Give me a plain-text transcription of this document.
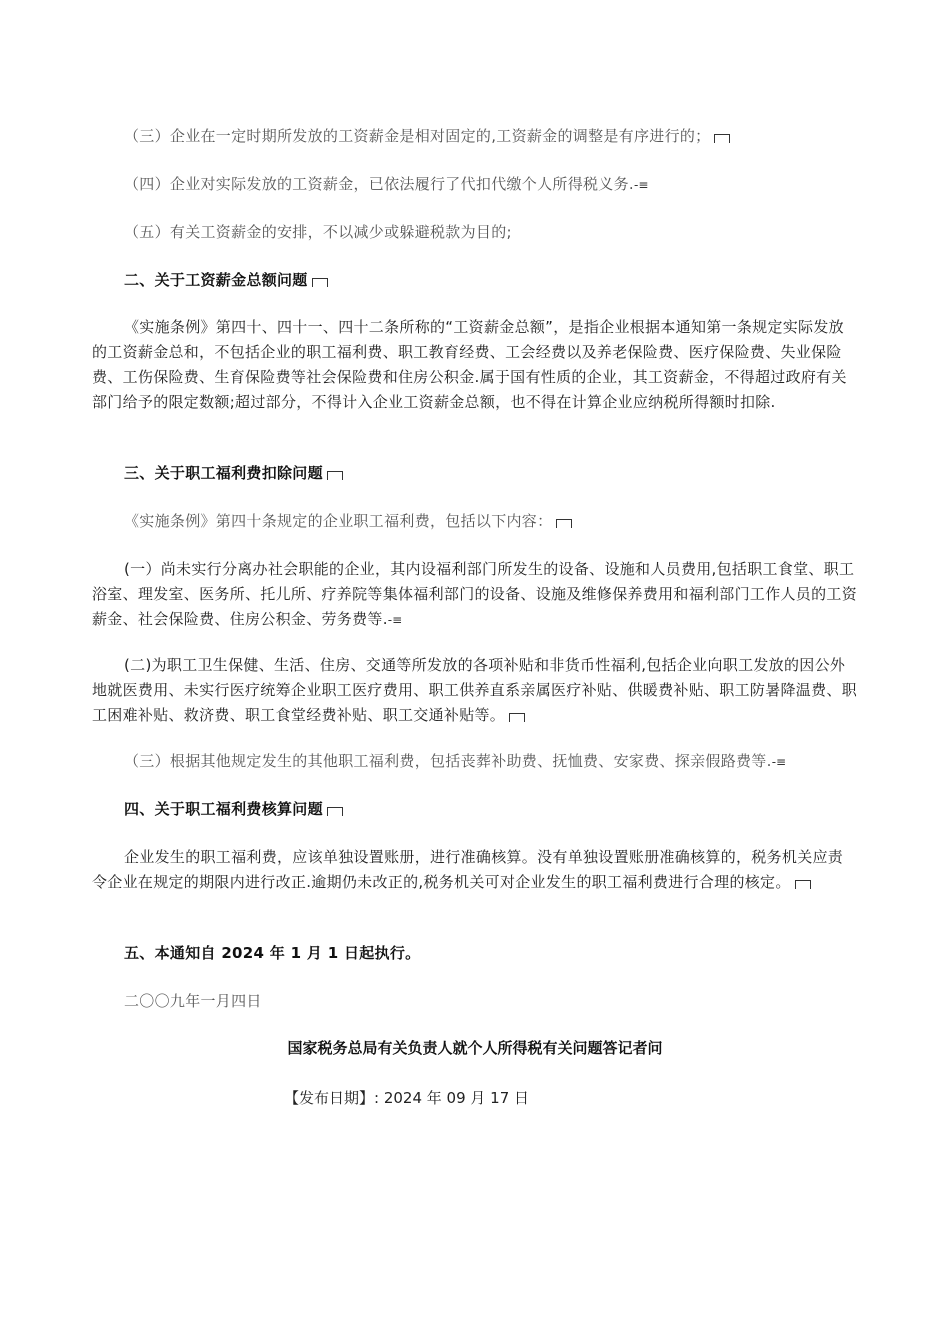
（三）企业在一定时期所发放的工资薪金是相对固定的,工资薪金的调整是有序进行的；
（四）企业对实际发放的工资薪金，已依法履行了代扣代缴个人所得税义务.-≡
（五）有关工资薪金的安排，不以减少或躲避税款为目的;
二、关于工资薪金总额问题
《实施条例》第四十、四十一、四十二条所称的“工资薪金总额”，是指企业根据本通知第一条规定实际发放的工资薪金总和，不包括企业的职工福利费、职工教育经费、工会经费以及养老保险费、医疗保险费、失业保险费、工伤保险费、生育保险费等社会保险费和住房公积金.属于国有性质的企业，其工资薪金，不得超过政府有关部门给予的限定数额;超过部分，不得计入企业工资薪金总额，也不得在计算企业应纳税所得额时扣除.
三、关于职工福利费扣除问题
《实施条例》第四十条规定的企业职工福利费，包括以下内容：
(一）尚未实行分离办社会职能的企业，其内设福利部门所发生的设备、设施和人员费用,包括职工食堂、职工浴室、理发室、医务所、托儿所、疗养院等集体福利部门的设备、设施及维修保养费用和福利部门工作人员的工资薪金、社会保险费、住房公积金、劳务费等.-≡
(二)为职工卫生保健、生活、住房、交通等所发放的各项补贴和非货币性福利,包括企业向职工发放的因公外地就医费用、未实行医疗统筹企业职工医疗费用、职工供养直系亲属医疗补贴、供暖费补贴、职工防暑降温费、职工困难补贴、救济费、职工食堂经费补贴、职工交通补贴等。
（三）根据其他规定发生的其他职工福利费，包括丧葬补助费、抚恤费、安家费、探亲假路费等.-≡
四、关于职工福利费核算问题
企业发生的职工福利费，应该单独设置账册，进行准确核算。没有单独设置账册准确核算的，税务机关应责令企业在规定的期限内进行改正.逾期仍未改正的,税务机关可对企业发生的职工福利费进行合理的核定。
五、本通知自 2024 年 1 月 1 日起执行。
二〇〇九年一月四日
国家税务总局有关负责人就个人所得税有关问题答记者问
【发布日期】: 2024 年 09 月 17 日
